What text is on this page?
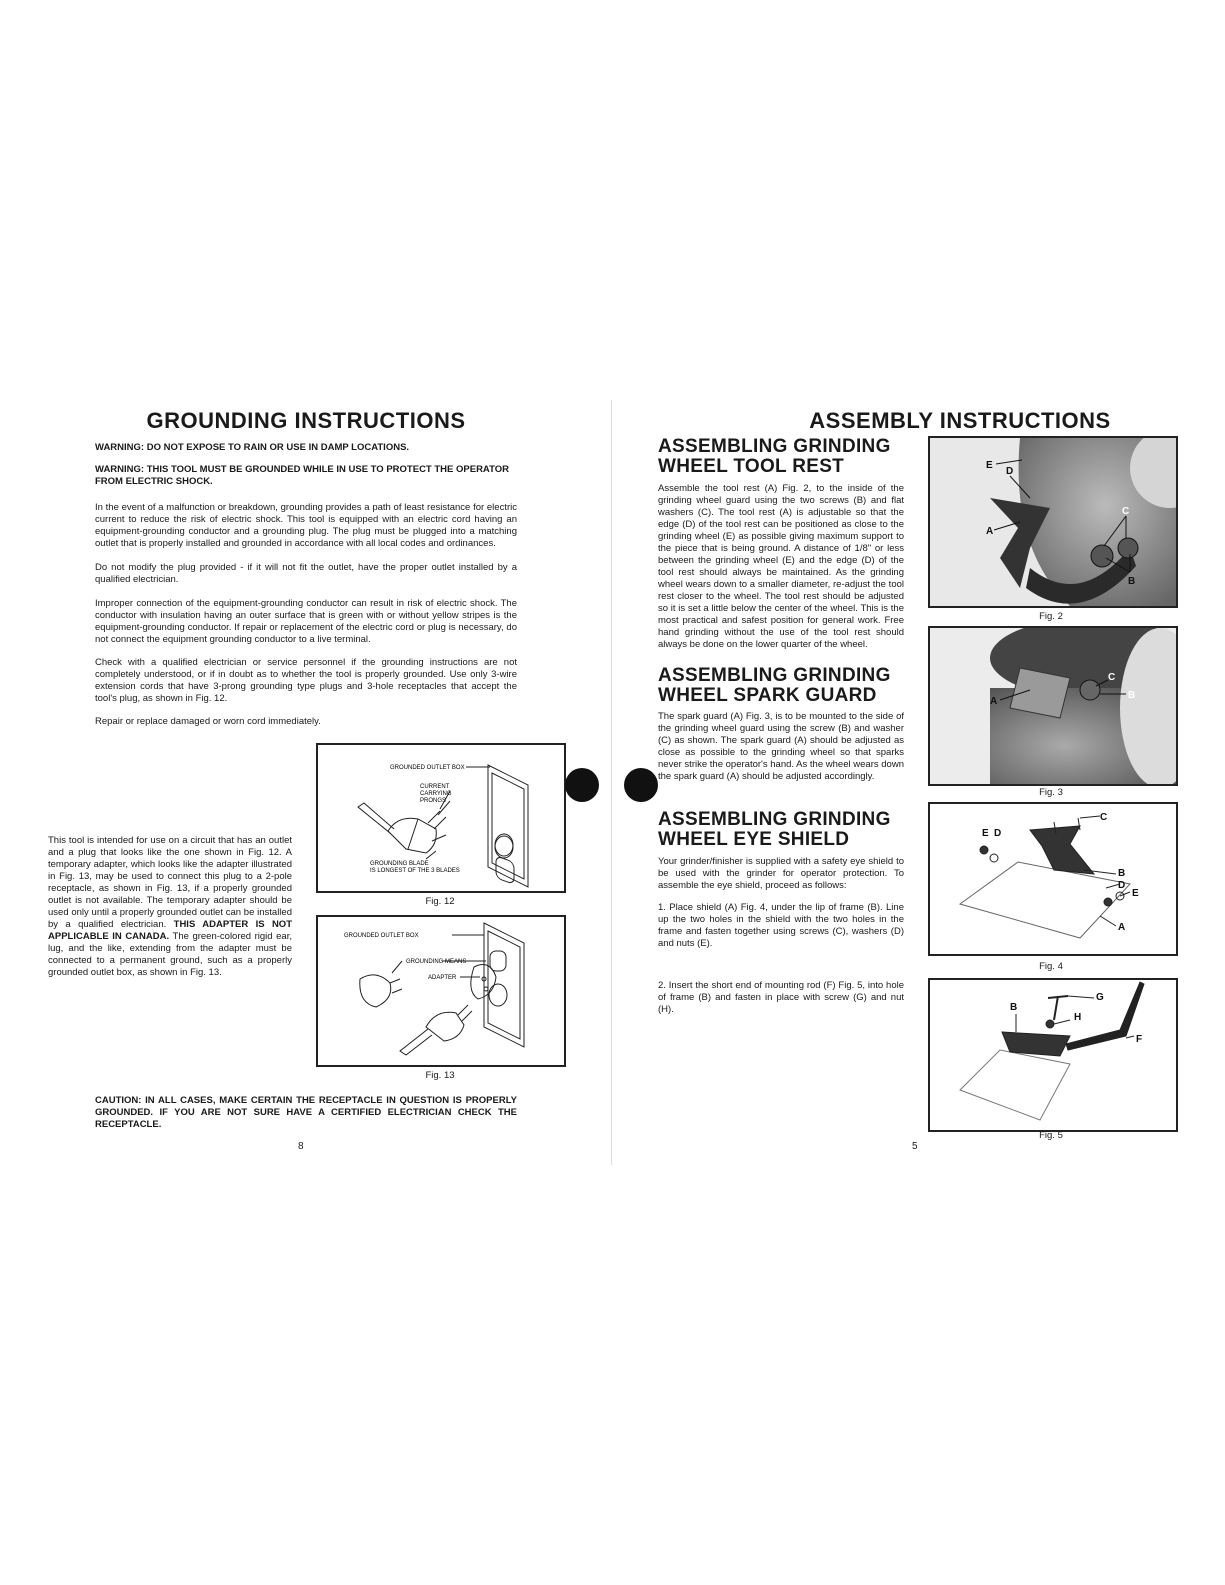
GROUNDING INSTRUCTIONS
WARNING: DO NOT EXPOSE TO RAIN OR USE IN DAMP LOCATIONS.
WARNING: THIS TOOL MUST BE GROUNDED WHILE IN USE TO PROTECT THE OPERATOR FROM ELECTRIC SHOCK.
In the event of a malfunction or breakdown, grounding provides a path of least resistance for electric current to reduce the risk of electric shock. This tool is equipped with an electric cord having an equipment-grounding conductor and a grounding plug. The plug must be plugged into a matching outlet that is properly installed and grounded in accordance with all local codes and ordinances.
Do not modify the plug provided - if it will not fit the outlet, have the proper outlet installed by a qualified electrician.
Improper connection of the equipment-grounding conductor can result in risk of electric shock. The conductor with insulation having an outer surface that is green with or without yellow stripes is the equipment-grounding conductor. If repair or replacement of the electric cord or plug is necessary, do not connect the equipment grounding conductor to a live terminal.
Check with a qualified electrician or service personnel if the grounding instructions are not completely understood, or if in doubt as to whether the tool is properly grounded. Use only 3-wire extension cords that have 3-prong grounding type plugs and 3-hole receptacles that accept the tool's plug, as shown in Fig. 12.
Repair or replace damaged or worn cord immediately.
This tool is intended for use on a circuit that has an outlet and a plug that looks like the one shown in Fig. 12. A temporary adapter, which looks like the adapter illustrated in Fig. 13, may be used to connect this plug to a 2-pole receptacle, as shown in Fig. 13, if a properly grounded outlet is not available. The temporary adapter should be used only until a properly grounded outlet can be installed by a qualified electrician. THIS ADAPTER IS NOT APPLICABLE IN CANADA. The green-colored rigid ear, lug, and the like, extending from the adapter must be connected to a permanent ground, such as a properly grounded outlet box, as shown in Fig. 13.
GROUNDED OUTLET BOX
CURRENT
CARRYING
PRONGS
GROUNDING BLADE
IS LONGEST OF THE 3 BLADES
Fig. 12
GROUNDED OUTLET BOX
GROUNDING MEANS
ADAPTER
Fig. 13
CAUTION: IN ALL CASES, MAKE CERTAIN THE RECEPTACLE IN QUESTION IS PROPERLY GROUNDED. IF YOU ARE NOT SURE HAVE A CERTIFIED ELECTRICIAN CHECK THE RECEPTACLE.
8
ASSEMBLY INSTRUCTIONS
ASSEMBLING GRINDING
WHEEL TOOL REST
Assemble the tool rest (A) Fig. 2, to the inside of the grinding wheel guard using the two screws (B) and flat washers (C). The tool rest (A) is adjustable so that the edge (D) of the tool rest can be positioned as close to the grinding wheel (E) as possible giving maximum support to the piece that is being ground. A distance of 1/8" or less between the grinding wheel (E) and the edge (D) of the tool rest should always be maintained. As the grinding wheel wears down to a smaller diameter, re-adjust the tool rest closer to the wheel. The tool rest should be adjusted so it is set a little below the center of the wheel. This is the most practical and safest position for general work. Free hand grinding without the use of the tool rest should always be done on the lower quarter of the wheel.
ASSEMBLING GRINDING
WHEEL SPARK GUARD
The spark guard (A) Fig. 3, is to be mounted to the side of the grinding wheel guard using the screw (B) and washer (C) as shown. The spark guard (A) should be adjusted as close as possible to the grinding wheel so that sparks never strike the operator's hand. As the wheel wears down the spark guard (A) should be adjusted accordingly.
ASSEMBLING GRINDING
WHEEL EYE SHIELD
Your grinder/finisher is supplied with a safety eye shield to be used with the grinder for operator protection. To assemble the eye shield, proceed as follows:
1. Place shield (A) Fig. 4, under the lip of frame (B). Line up the two holes in the shield with the two holes in the frame and fasten together using screws (C), washers (D) and nuts (E).
2. Insert the short end of mounting rod (F) Fig. 5, into hole of frame (B) and fasten in place with screw (G) and nut (H).
E
D
A
C
B
Fig. 2
A
C
B
Fig. 3
C
E D
B
D
E
A
Fig. 4
G
H
B
F
Fig. 5
5
